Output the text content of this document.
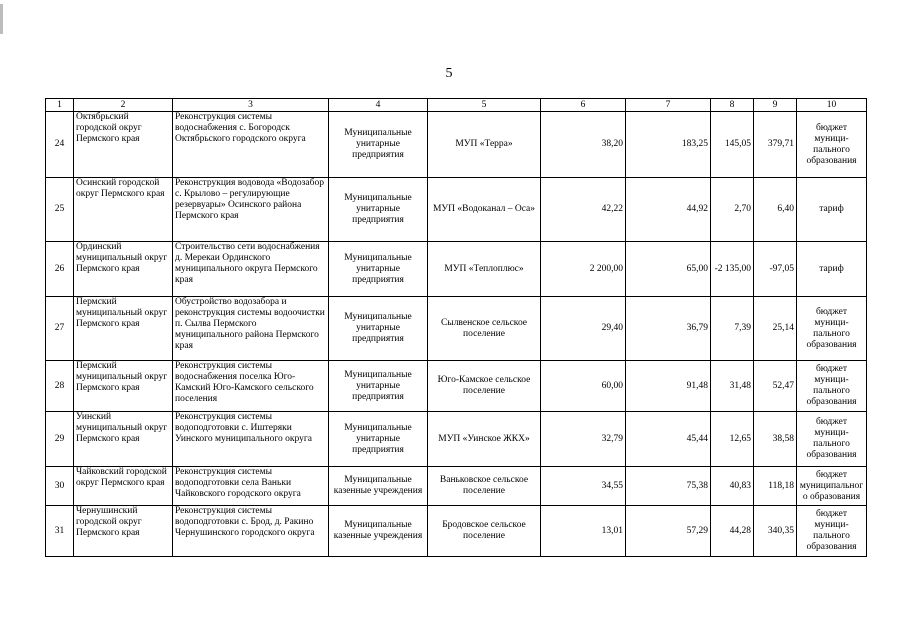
5
1	2	3	4	5	6	7	8	9	10
24	Октябрьский городской округ Пермского края	Реконструкция системы водоснабжения с. Богородск Октябрьского городского округа	Муниципальные унитарные предприятия	МУП «Терра»	38,20	183,25	145,05	379,71	бюджет муници-пального образования
25	Осинский городской округ Пермского края	Реконструкция водовода «Водозабор с. Крылово – регулирующие резервуары» Осинского района Пермского края	Муниципальные унитарные предприятия	МУП «Водоканал – Оса»	42,22	44,92	2,70	6,40	тариф
26	Ординский муниципальный округ Пермского края	Строительство сети водоснабжения д. Мерекаи Ординского муниципального округа Пермского края	Муниципальные унитарные предприятия	МУП «Теплоплюс»	2 200,00	65,00	-2 135,00	-97,05	тариф
27	Пермский муниципальный округ Пермского края	Обустройство водозабора и реконструкция системы водоочистки п. Сылва Пермского муниципального района Пермского края	Муниципальные унитарные предприятия	Сылвенское сельское поселение	29,40	36,79	7,39	25,14	бюджет муници-пального образования
28	Пермский муниципальный округ Пермского края	Реконструкция системы водоснабжения поселка Юго-Камский Юго-Камского сельского поселения	Муниципальные унитарные предприятия	Юго-Камское сельское поселение	60,00	91,48	31,48	52,47	бюджет муници-пального образования
29	Уинский муниципальный округ Пермского края	Реконструкция системы водоподготовки с. Иштеряки Уинского муниципального округа	Муниципальные унитарные предприятия	МУП «Уинское ЖКХ»	32,79	45,44	12,65	38,58	бюджет муници-пального образования
30	Чайковский городской округ Пермского края	Реконструкция системы водоподготовки села Ваньки Чайковского городского округа	Муниципальные казенные учреждения	Ваньковское сельское поселение	34,55	75,38	40,83	118,18	бюджет муниципальног о образования
31	Чернушинский городской округ Пермского края	Реконструкция системы водоподготовки с. Брод, д. Ракино Чернушинского городского округа	Муниципальные казенные учреждения	Бродовское сельское поселение	13,01	57,29	44,28	340,35	бюджет муници-пального образования
